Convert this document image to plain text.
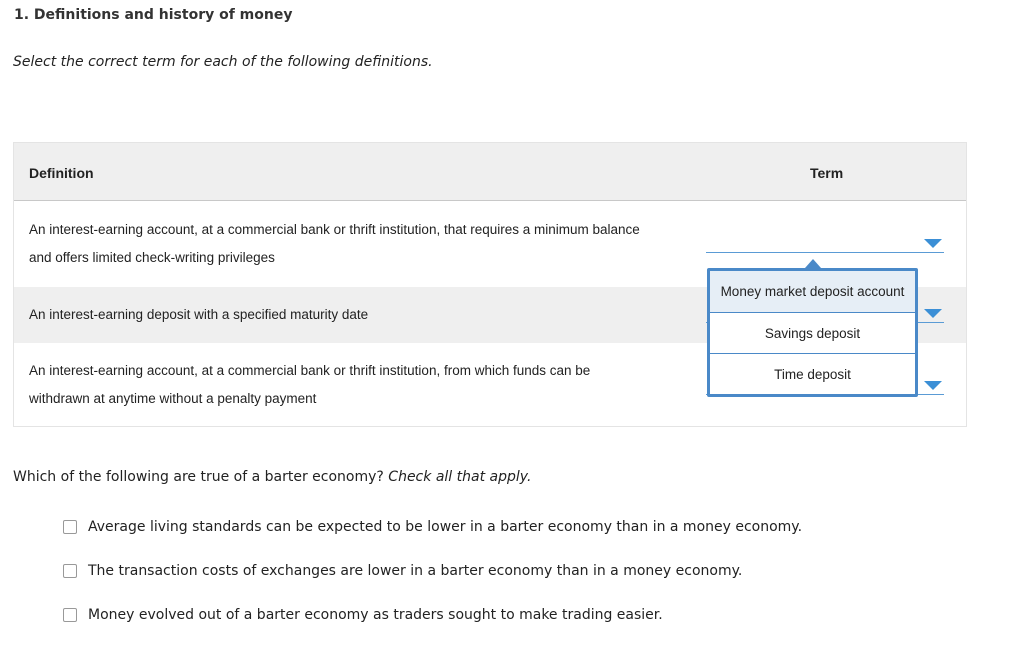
1. Definitions and history of money
Select the correct term for each of the following definitions.
Definition	Term
An interest-earning account, at a commercial bank or thrift institution, that requires a minimum balance
and offers limited check-writing privileges
An interest-earning deposit with a specified maturity date
An interest-earning account, at a commercial bank or thrift institution, from which funds can be
withdrawn at anytime without a penalty payment
Money market deposit account
Savings deposit
Time deposit
Which of the following are true of a barter economy? Check all that apply.
Average living standards can be expected to be lower in a barter economy than in a money economy.
The transaction costs of exchanges are lower in a barter economy than in a money economy.
Money evolved out of a barter economy as traders sought to make trading easier.
